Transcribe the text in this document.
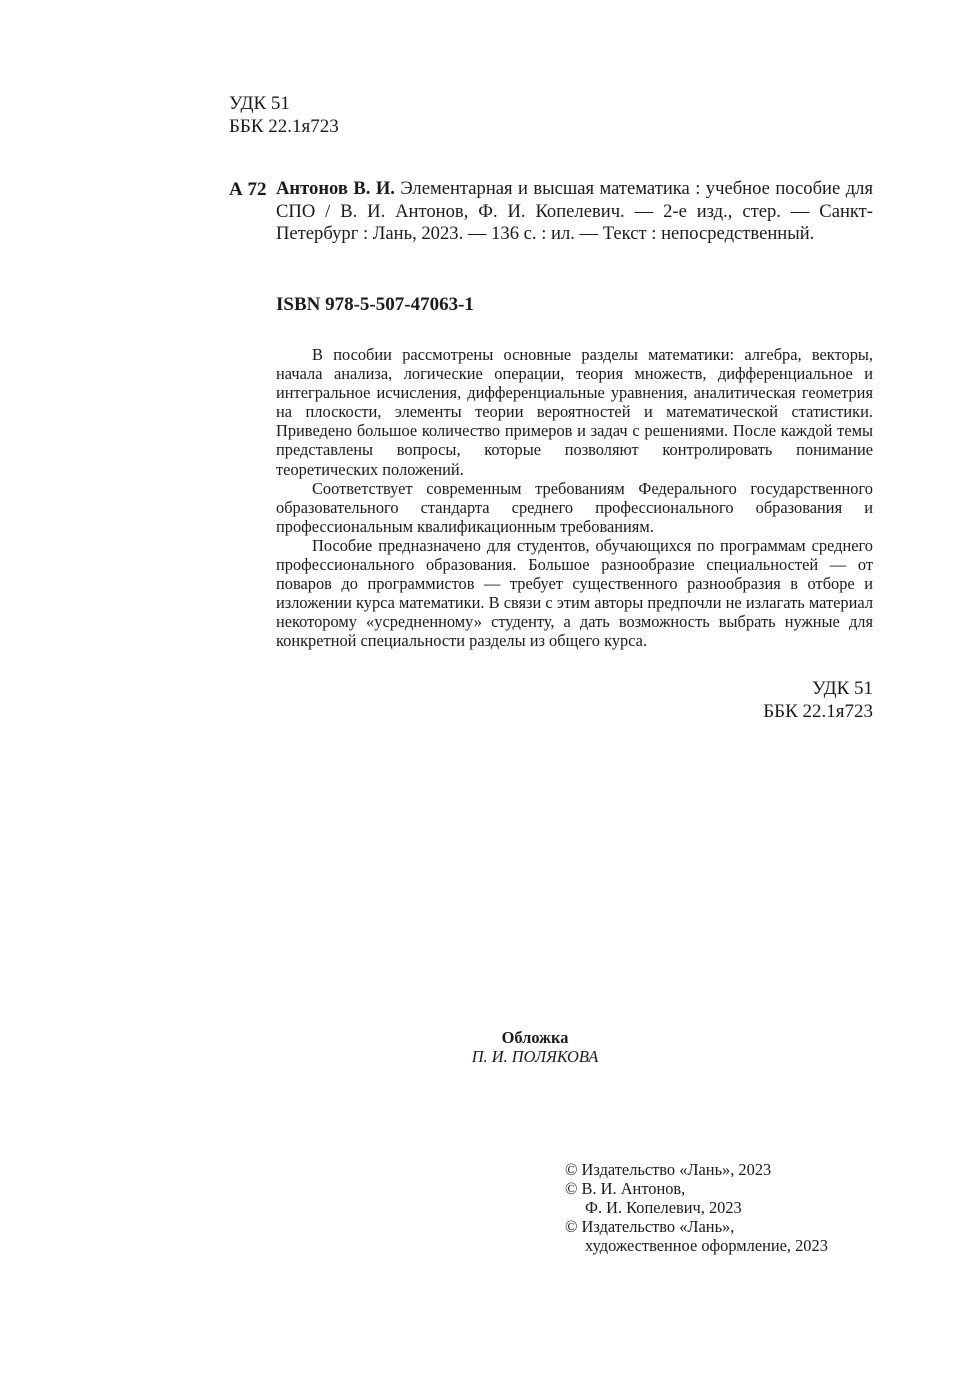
УДК 51
ББК 22.1я723
А 72 Антонов В. И. Элементарная и высшая математика : учебное пособие для СПО / В. И. Антонов, Ф. И. Копелевич. — 2-е изд., стер. — Санкт-Петербург : Лань, 2023. — 136 с. : ил. — Текст : непосредственный.
ISBN 978-5-507-47063-1

В пособии рассмотрены основные разделы математики: алгебра, векторы, начала анализа, логические операции, теория множеств, дифференциальное и интегральное исчисления, дифференциальные уравнения, аналитическая геометрия на плоскости, элементы теории вероятностей и математической статистики. Приведено большое количество примеров и задач с решениями. После каждой темы представлены вопросы, которые позволяют контролировать понимание теоретических положений.

Соответствует современным требованиям Федерального государственного образовательного стандарта среднего профессионального образования и профессиональным квалификационным требованиям.

Пособие предназначено для студентов, обучающихся по программам среднего профессионального образования. Большое разнообразие специальностей — от поваров до программистов — требует существенного разнообразия в отборе и изложении курса математики. В связи с этим авторы предпочли не излагать материал некоторому «усредненному» студенту, а дать возможность выбрать нужные для конкретной специальности разделы из общего курса.

УДК 51
ББК 22.1я723
Обложка
П. И. ПОЛЯКОВА
© Издательство «Лань», 2023
© В. И. Антонов,
Ф. И. Копелевич, 2023
© Издательство «Лань»,
художественное оформление, 2023
